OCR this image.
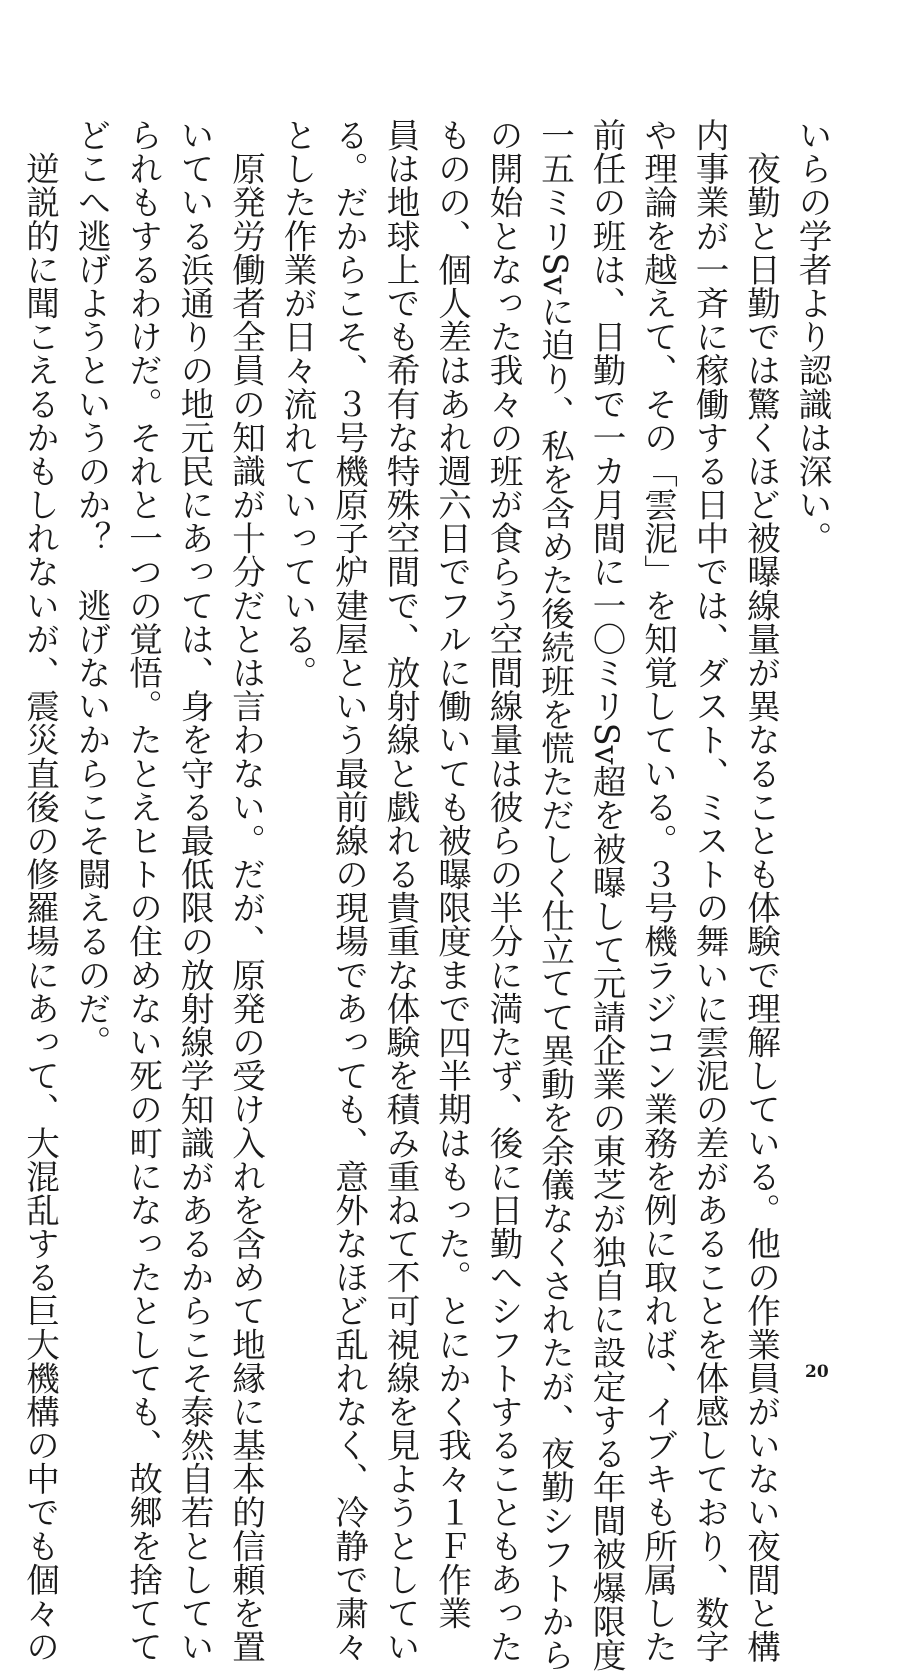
いらの学者より認識は深い。
　夜勤と日勤では驚くほど被曝線量が異なることも体験で理解している。他の作業員がいない夜間と構
内事業が一斉に稼働する日中では、ダスト、ミストの舞いに雲泥の差があることを体感しており、数字
や理論を越えて、その「雲泥」を知覚している。３号機ラジコン業務を例に取れば、イブキも所属した
前任の班は、日勤で一カ月間に一〇ミリSv超を被曝して元請企業の東芝が独自に設定する年間被爆限度
一五ミリSvに迫り、私を含めた後続班を慌ただしく仕立てて異動を余儀なくされたが、夜勤シフトから
の開始となった我々の班が食らう空間線量は彼らの半分に満たず、後に日勤へシフトすることもあった
ものの、個人差はあれ週六日でフルに働いても被曝限度まで四半期はもった。とにかく我々１Ｆ作業
員は地球上でも希有な特殊空間で、放射線と戯れる貴重な体験を積み重ねて不可視線を見ようとしてい
る。だからこそ、３号機原子炉建屋という最前線の現場であっても、意外なほど乱れなく、冷静で粛々
とした作業が日々流れていっている。
　原発労働者全員の知識が十分だとは言わない。だが、原発の受け入れを含めて地縁に基本的信頼を置
いている浜通りの地元民にあっては、身を守る最低限の放射線学知識があるからこそ泰然自若としてい
られもするわけだ。それと一つの覚悟。たとえヒトの住めない死の町になったとしても、故郷を捨てて
どこへ逃げようというのか？　逃げないからこそ闘えるのだ。
　逆説的に聞こえるかもしれないが、震災直後の修羅場にあって、大混乱する巨大機構の中でも個々の	20
